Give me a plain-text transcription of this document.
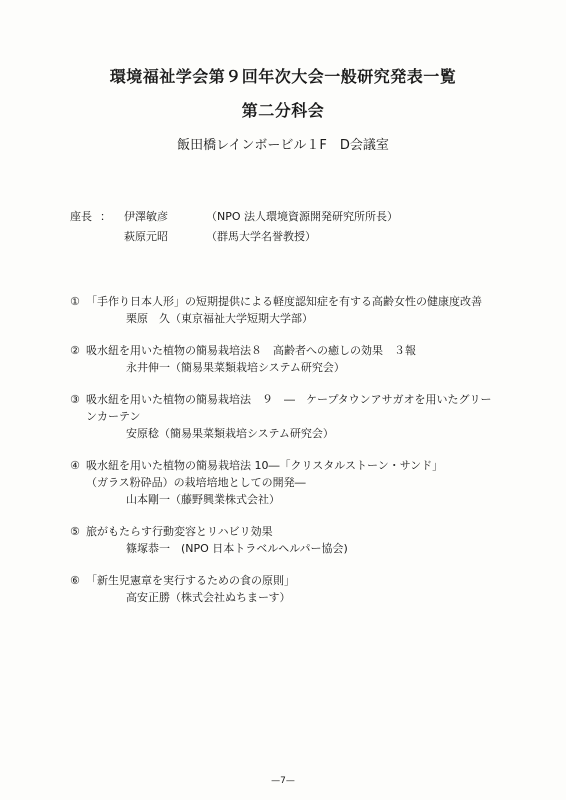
環境福祉学会第９回年次大会一般研究発表一覧
第二分科会
飯田橋レインボービル１F　D会議室
座長 ： 伊澤敏彦	（NPO 法人環境資源開発研究所所長）
萩原元昭	（群馬大学名誉教授）
① 「手作り日本人形」の短期提供による軽度認知症を有する高齢女性の健康度改善
栗原　久（東京福祉大学短期大学部）
② 吸水紐を用いた植物の簡易栽培法８　高齢者への癒しの効果　３報
永井伸一（簡易果菜類栽培システム研究会）
③ 吸水紐を用いた植物の簡易栽培法　９　―　ケープタウンアサガオを用いたグリー
ンカーテン
安原稔（簡易果菜類栽培システム研究会）
④ 吸水紐を用いた植物の簡易栽培法 10―「クリスタルストーン・サンド」
（ガラス粉砕品）の栽培培地としての開発―
山本剛一（藤野興業株式会社）
⑤ 旅がもたらす行動変容とリハビリ効果
篠塚恭一　(NPO 日本トラベルヘルパー協会)
⑥ 「新生児憲章を実行するための食の原則」
高安正勝（株式会社ぬちまーす）
—7—
